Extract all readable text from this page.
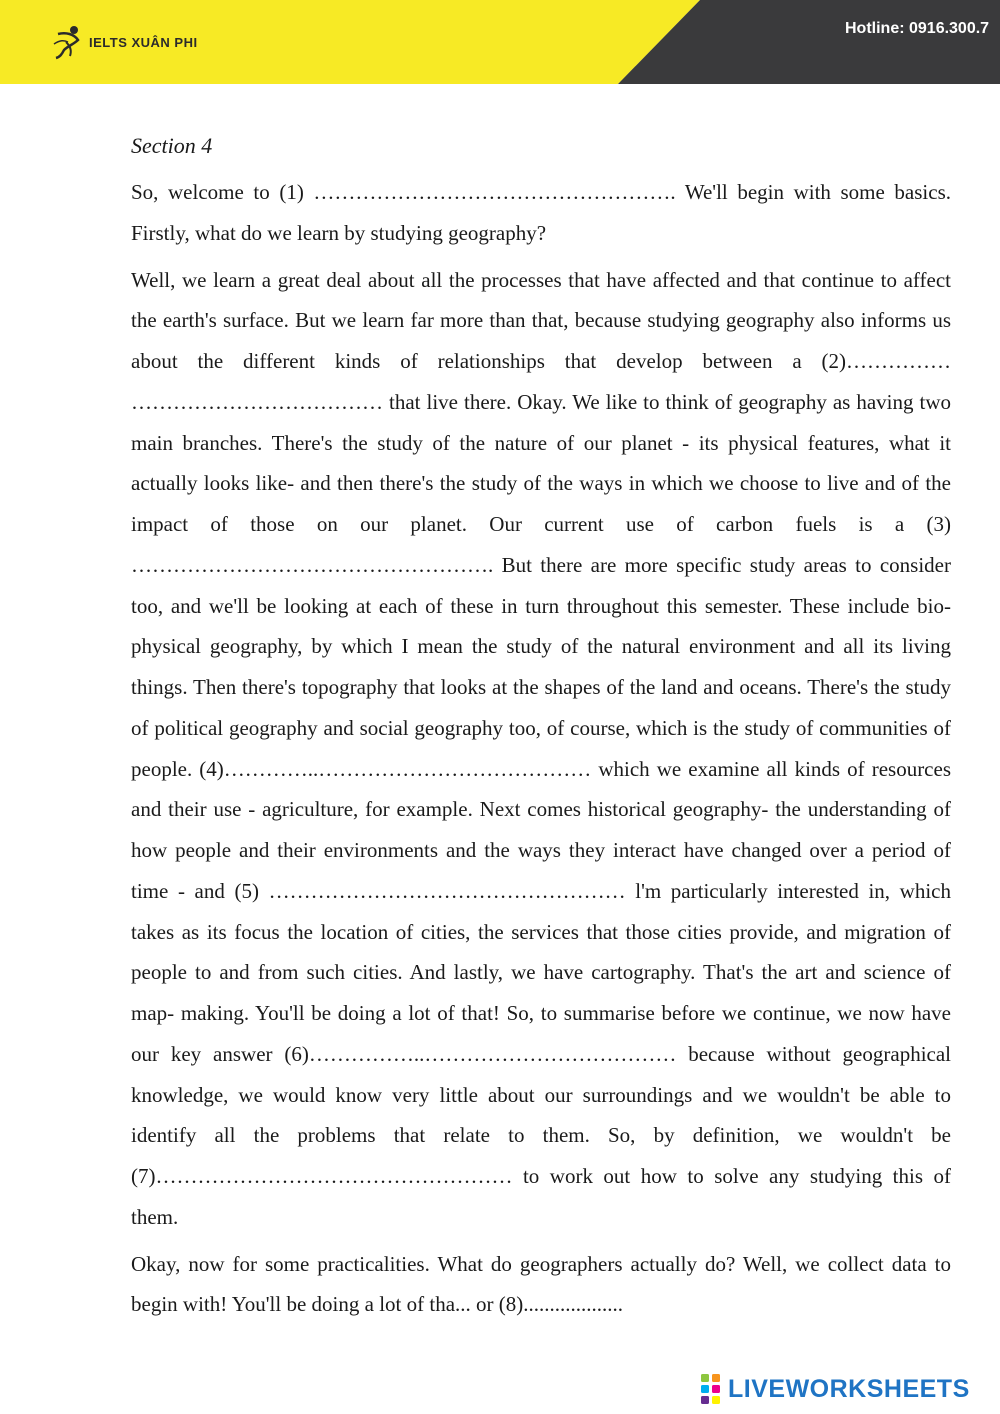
IELTS XUÂN PHI
Hotline: 0916.300.7

Section 4

So, welcome to (1) ……………………………………………. We'll begin with some basics. Firstly, what do we learn by studying geography?

Well, we learn a great deal about all the processes that have affected and that continue to affect the earth's surface. But we learn far more than that, because studying geography also informs us about the different kinds of relationships that develop between a (2)…………… ……………………………… that live there. Okay. We like to think of geography as having two main branches. There's the study of the nature of our planet - its physical features, what it actually looks like- and then there's the study of the ways in which we choose to live and of the impact of those on our planet. Our current use of carbon fuels is a (3) ……………………………………………. But there are more specific study areas to consider too, and we'll be looking at each of these in turn throughout this semester. These include bio-physical geography, by which I mean the study of the natural environment and all its living things. Then there's topography that looks at the shapes of the land and oceans. There's the study of political geography and social geography too, of course, which is the study of communities of people. (4)…………..………………………………… which we examine all kinds of resources and their use - agriculture, for example. Next comes historical geography- the understanding of how people and their environments and the ways they interact have changed over a period of time - and (5) …………………………………………… l'm particularly interested in, which takes as its focus the location of cities, the services that those cities provide, and migration of people to and from such cities. And lastly, we have cartography. That's the art and science of map- making. You'll be doing a lot of that! So, to summarise before we continue, we now have our key answer (6)……………..……………………………… because without geographical knowledge, we would know very little about our surroundings and we wouldn't be able to identify all the problems that relate to them. So, by definition, we wouldn't be (7)…………………………………………… to work out how to solve any studying this of them.

Okay, now for some practicalities. What do geographers actually do? Well, we collect data to begin with! You'll be doing a lot of tha... or (8)...................

LIVEWORKSHEETS
